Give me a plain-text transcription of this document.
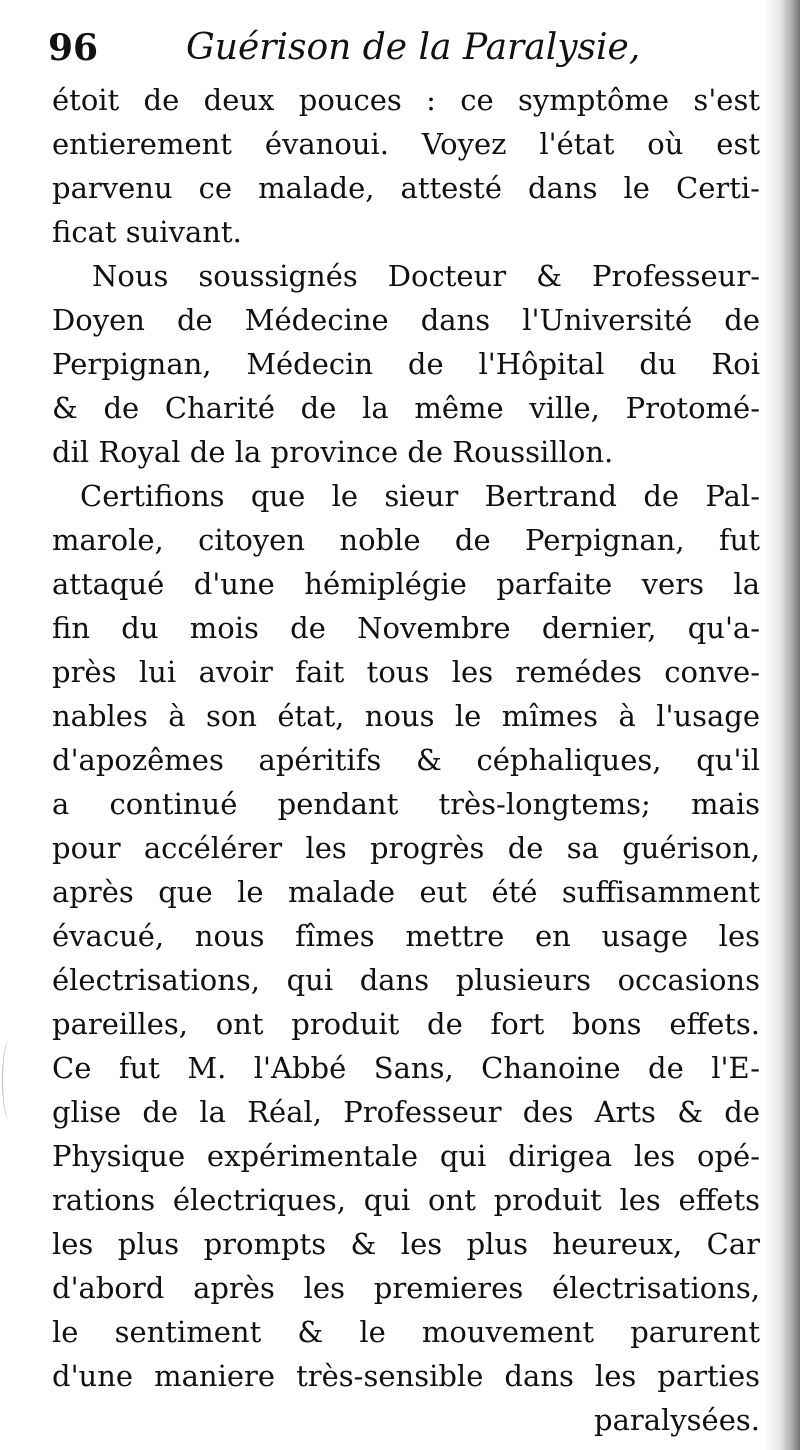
96 Guérison de la Paralysie,
étoit de deux pouces : ce symptôme s'est
entierement évanoui. Voyez l'état où est
parvenu ce malade, attesté dans le Certi-
ficat suivant.
Nous soussignés Docteur & Professeur-
Doyen de Médecine dans l'Université de
Perpignan, Médecin de l'Hôpital du Roi
& de Charité de la même ville, Protomé-
dil Royal de la province de Roussillon.
Certifions que le sieur Bertrand de Pal-
marole, citoyen noble de Perpignan, fut
attaqué d'une hémiplégie parfaite vers la
fin du mois de Novembre dernier, qu'a-
près lui avoir fait tous les remédes conve-
nables à son état, nous le mîmes à l'usage
d'apozêmes apéritifs & céphaliques, qu'il
a continué pendant très-longtems; mais
pour accélérer les progrès de sa guérison,
après que le malade eut été suffisamment
évacué, nous fîmes mettre en usage les
électrisations, qui dans plusieurs occasions
pareilles, ont produit de fort bons effets.
Ce fut M. l'Abbé Sans, Chanoine de l'E-
glise de la Réal, Professeur des Arts & de
Physique expérimentale qui dirigea les opé-
rations électriques, qui ont produit les effets
les plus prompts & les plus heureux, Car
d'abord après les premieres électrisations,
le sentiment & le mouvement parurent
d'une maniere très-sensible dans les parties
paralysées.
